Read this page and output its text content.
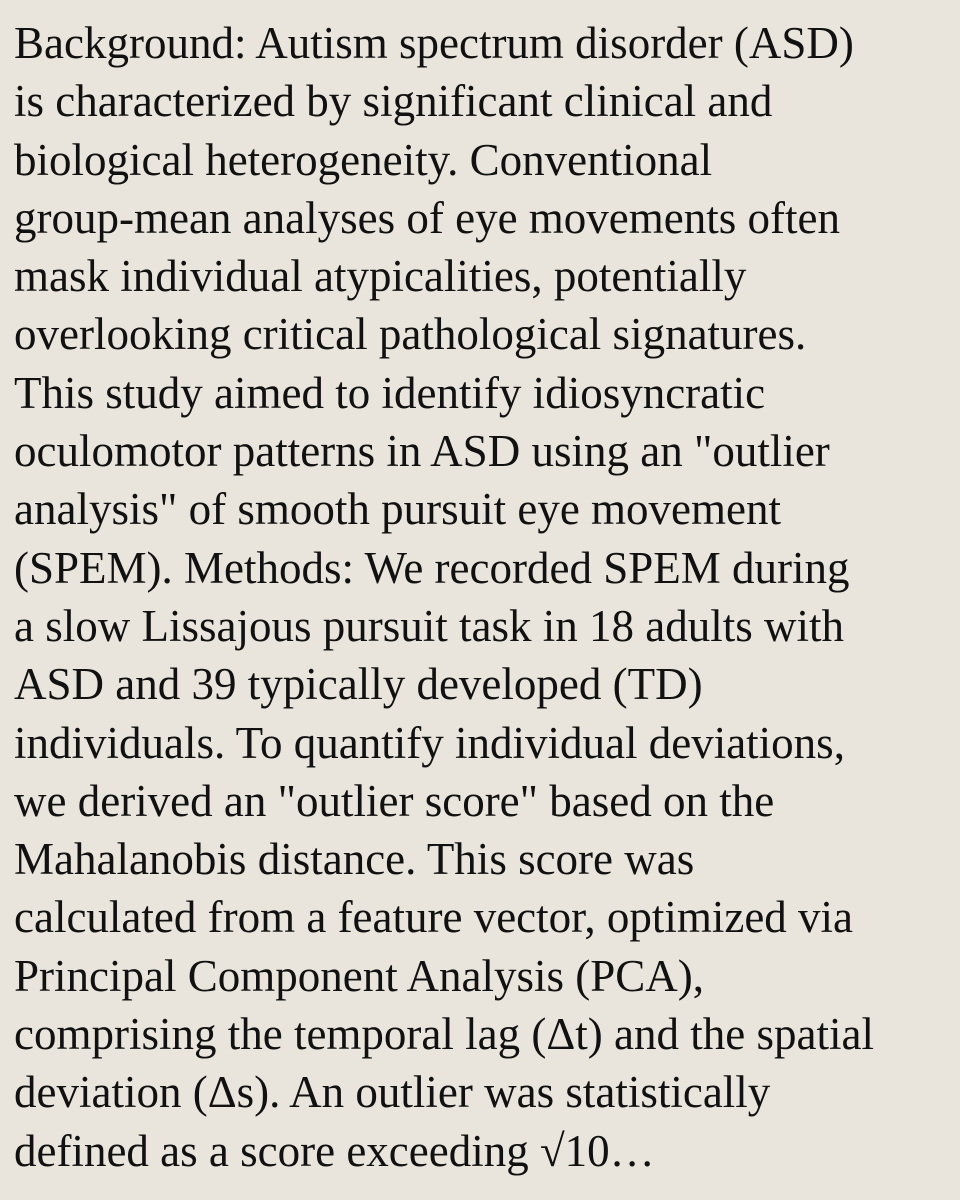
Background: Autism spectrum disorder (ASD)
is characterized by significant clinical and
biological heterogeneity. Conventional
group-mean analyses of eye movements often
mask individual atypicalities, potentially
overlooking critical pathological signatures.
This study aimed to identify idiosyncratic
oculomotor patterns in ASD using an "outlier
analysis" of smooth pursuit eye movement
(SPEM). Methods: We recorded SPEM during
a slow Lissajous pursuit task in 18 adults with
ASD and 39 typically developed (TD)
individuals. To quantify individual deviations,
we derived an "outlier score" based on the
Mahalanobis distance. This score was
calculated from a feature vector, optimized via
Principal Component Analysis (PCA),
comprising the temporal lag (Δt) and the spatial
deviation (Δs). An outlier was statistically
defined as a score exceeding √10…
